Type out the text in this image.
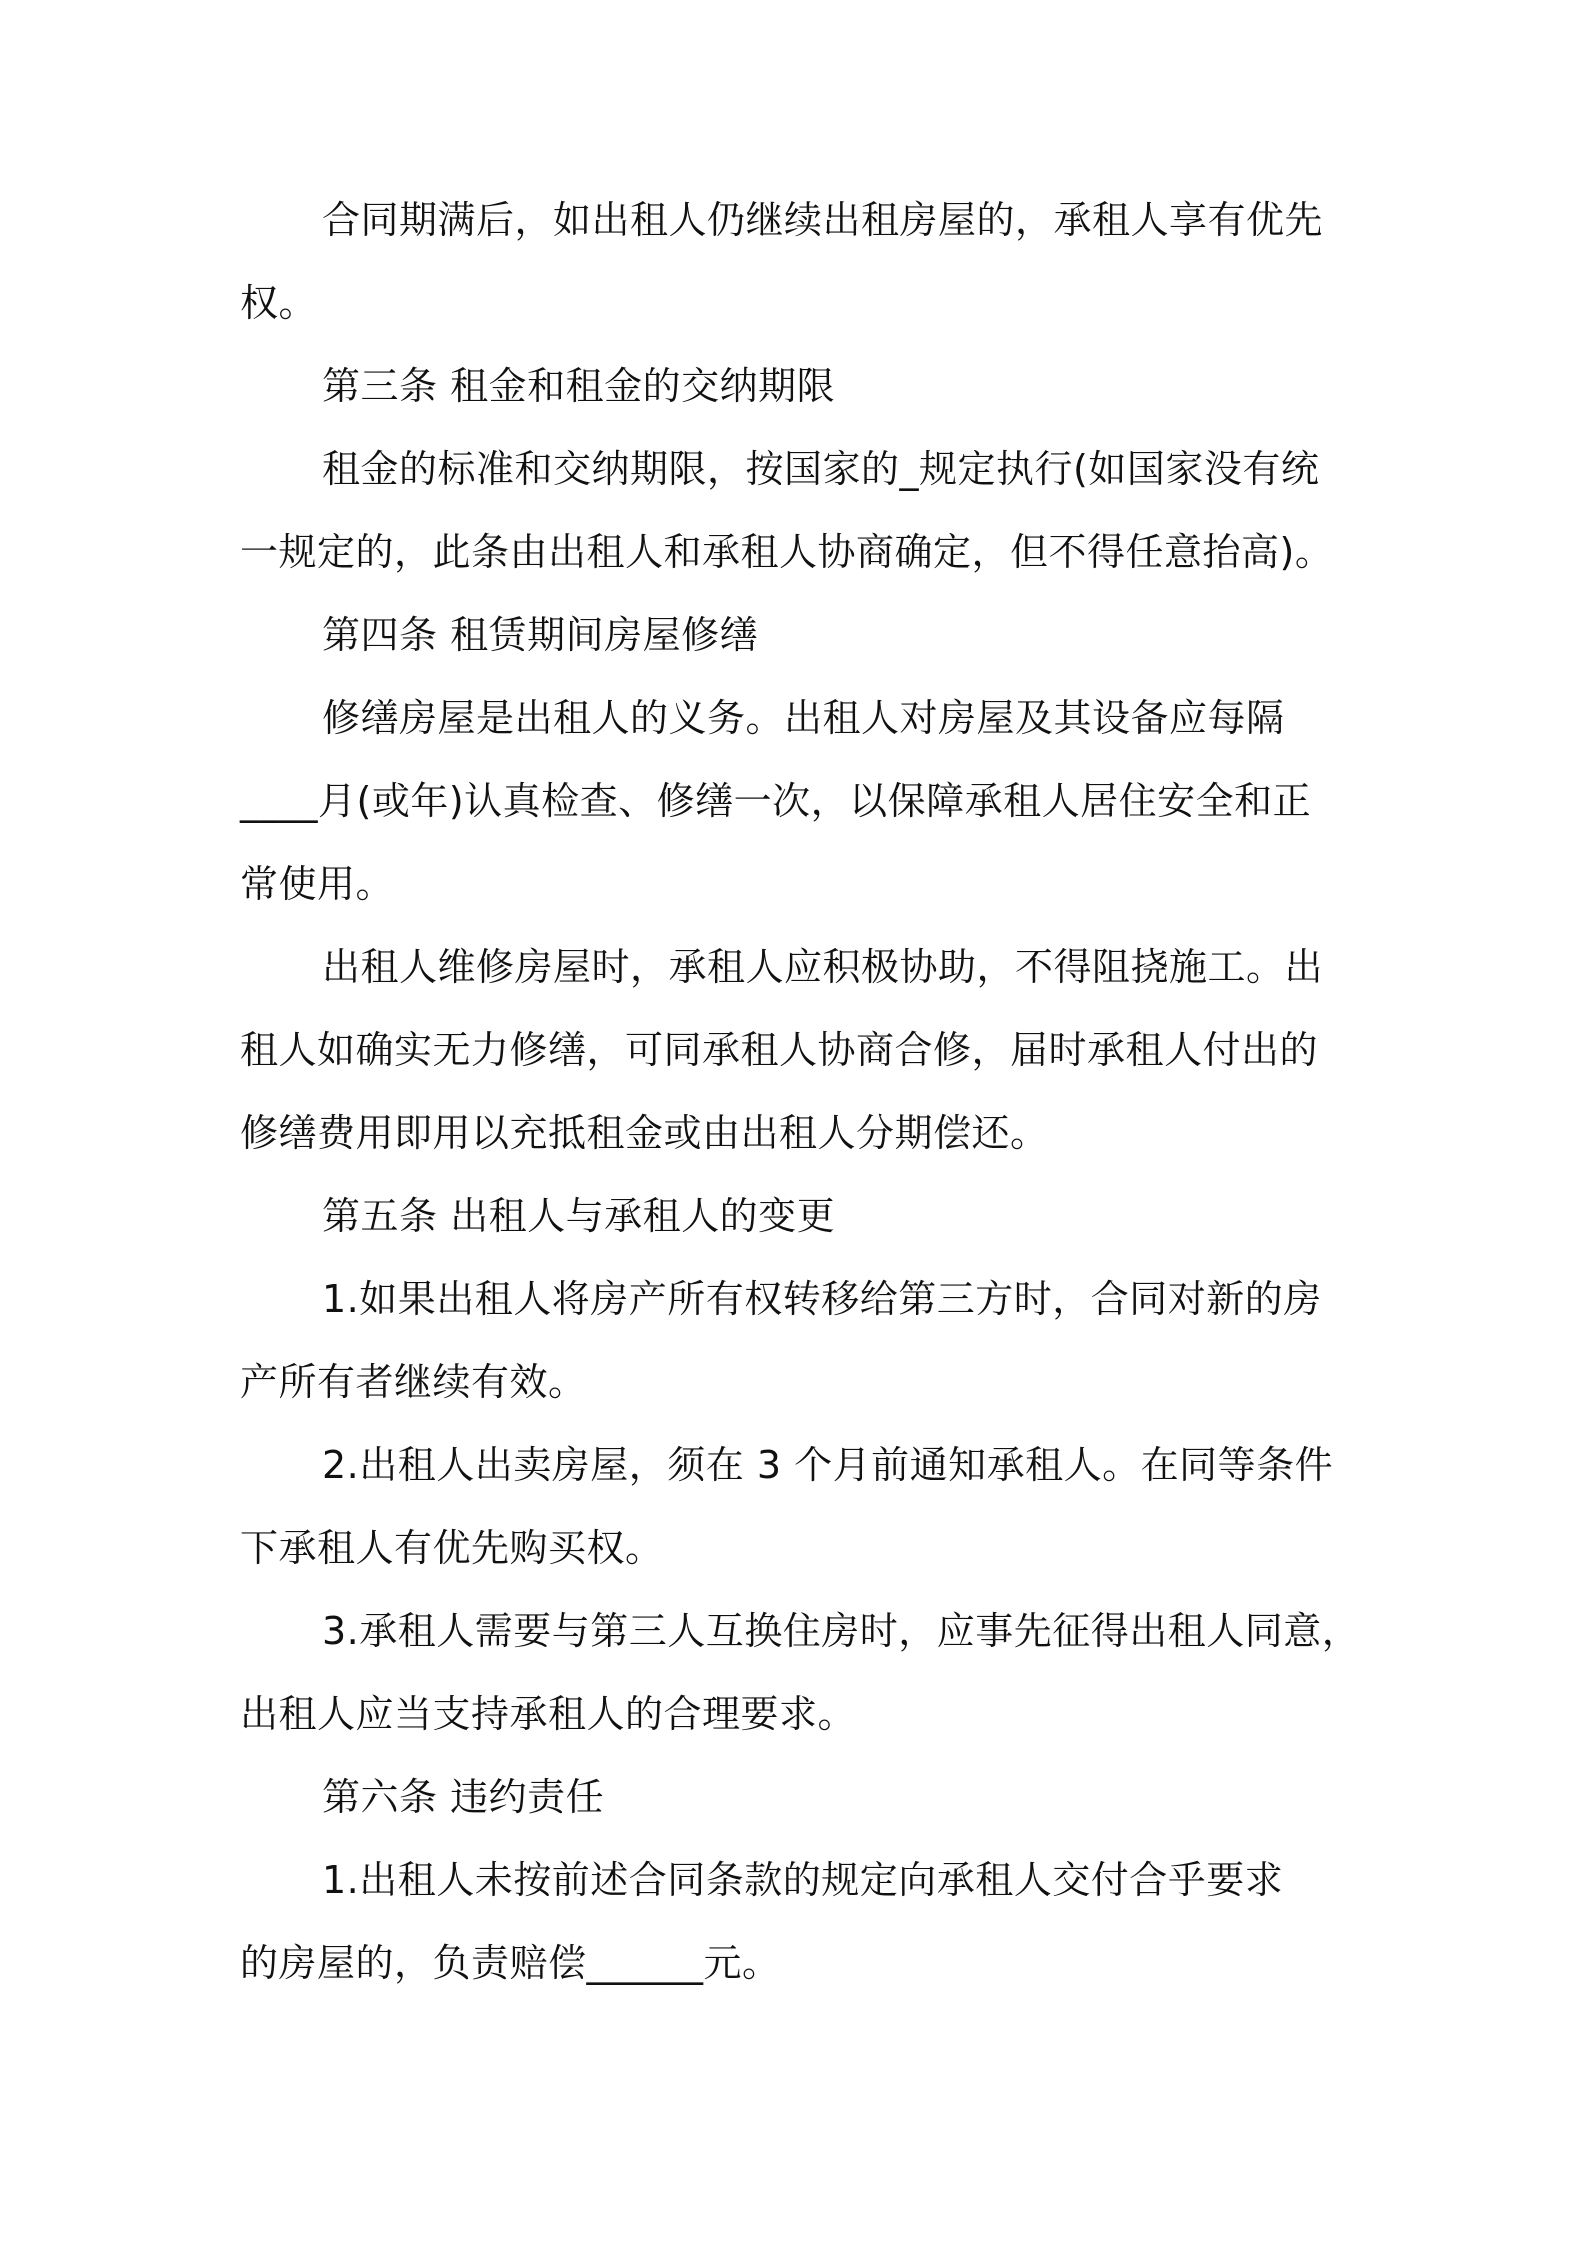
合同期满后，如出租人仍继续出租房屋的，承租人享有优先
权。
第三条 租金和租金的交纳期限
租金的标准和交纳期限，按国家的_规定执行(如国家没有统
一规定的，此条由出租人和承租人协商确定，但不得任意抬高)。
第四条 租赁期间房屋修缮
修缮房屋是出租人的义务。出租人对房屋及其设备应每隔
____月(或年)认真检查、修缮一次，以保障承租人居住安全和正
常使用。
出租人维修房屋时，承租人应积极协助，不得阻挠施工。出
租人如确实无力修缮，可同承租人协商合修，届时承租人付出的
修缮费用即用以充抵租金或由出租人分期偿还。
第五条 出租人与承租人的变更
1.如果出租人将房产所有权转移给第三方时，合同对新的房
产所有者继续有效。
2.出租人出卖房屋，须在 3 个月前通知承租人。在同等条件
下承租人有优先购买权。
3.承租人需要与第三人互换住房时，应事先征得出租人同意，
出租人应当支持承租人的合理要求。
第六条 违约责任
1.出租人未按前述合同条款的规定向承租人交付合乎要求
的房屋的，负责赔偿______元。
